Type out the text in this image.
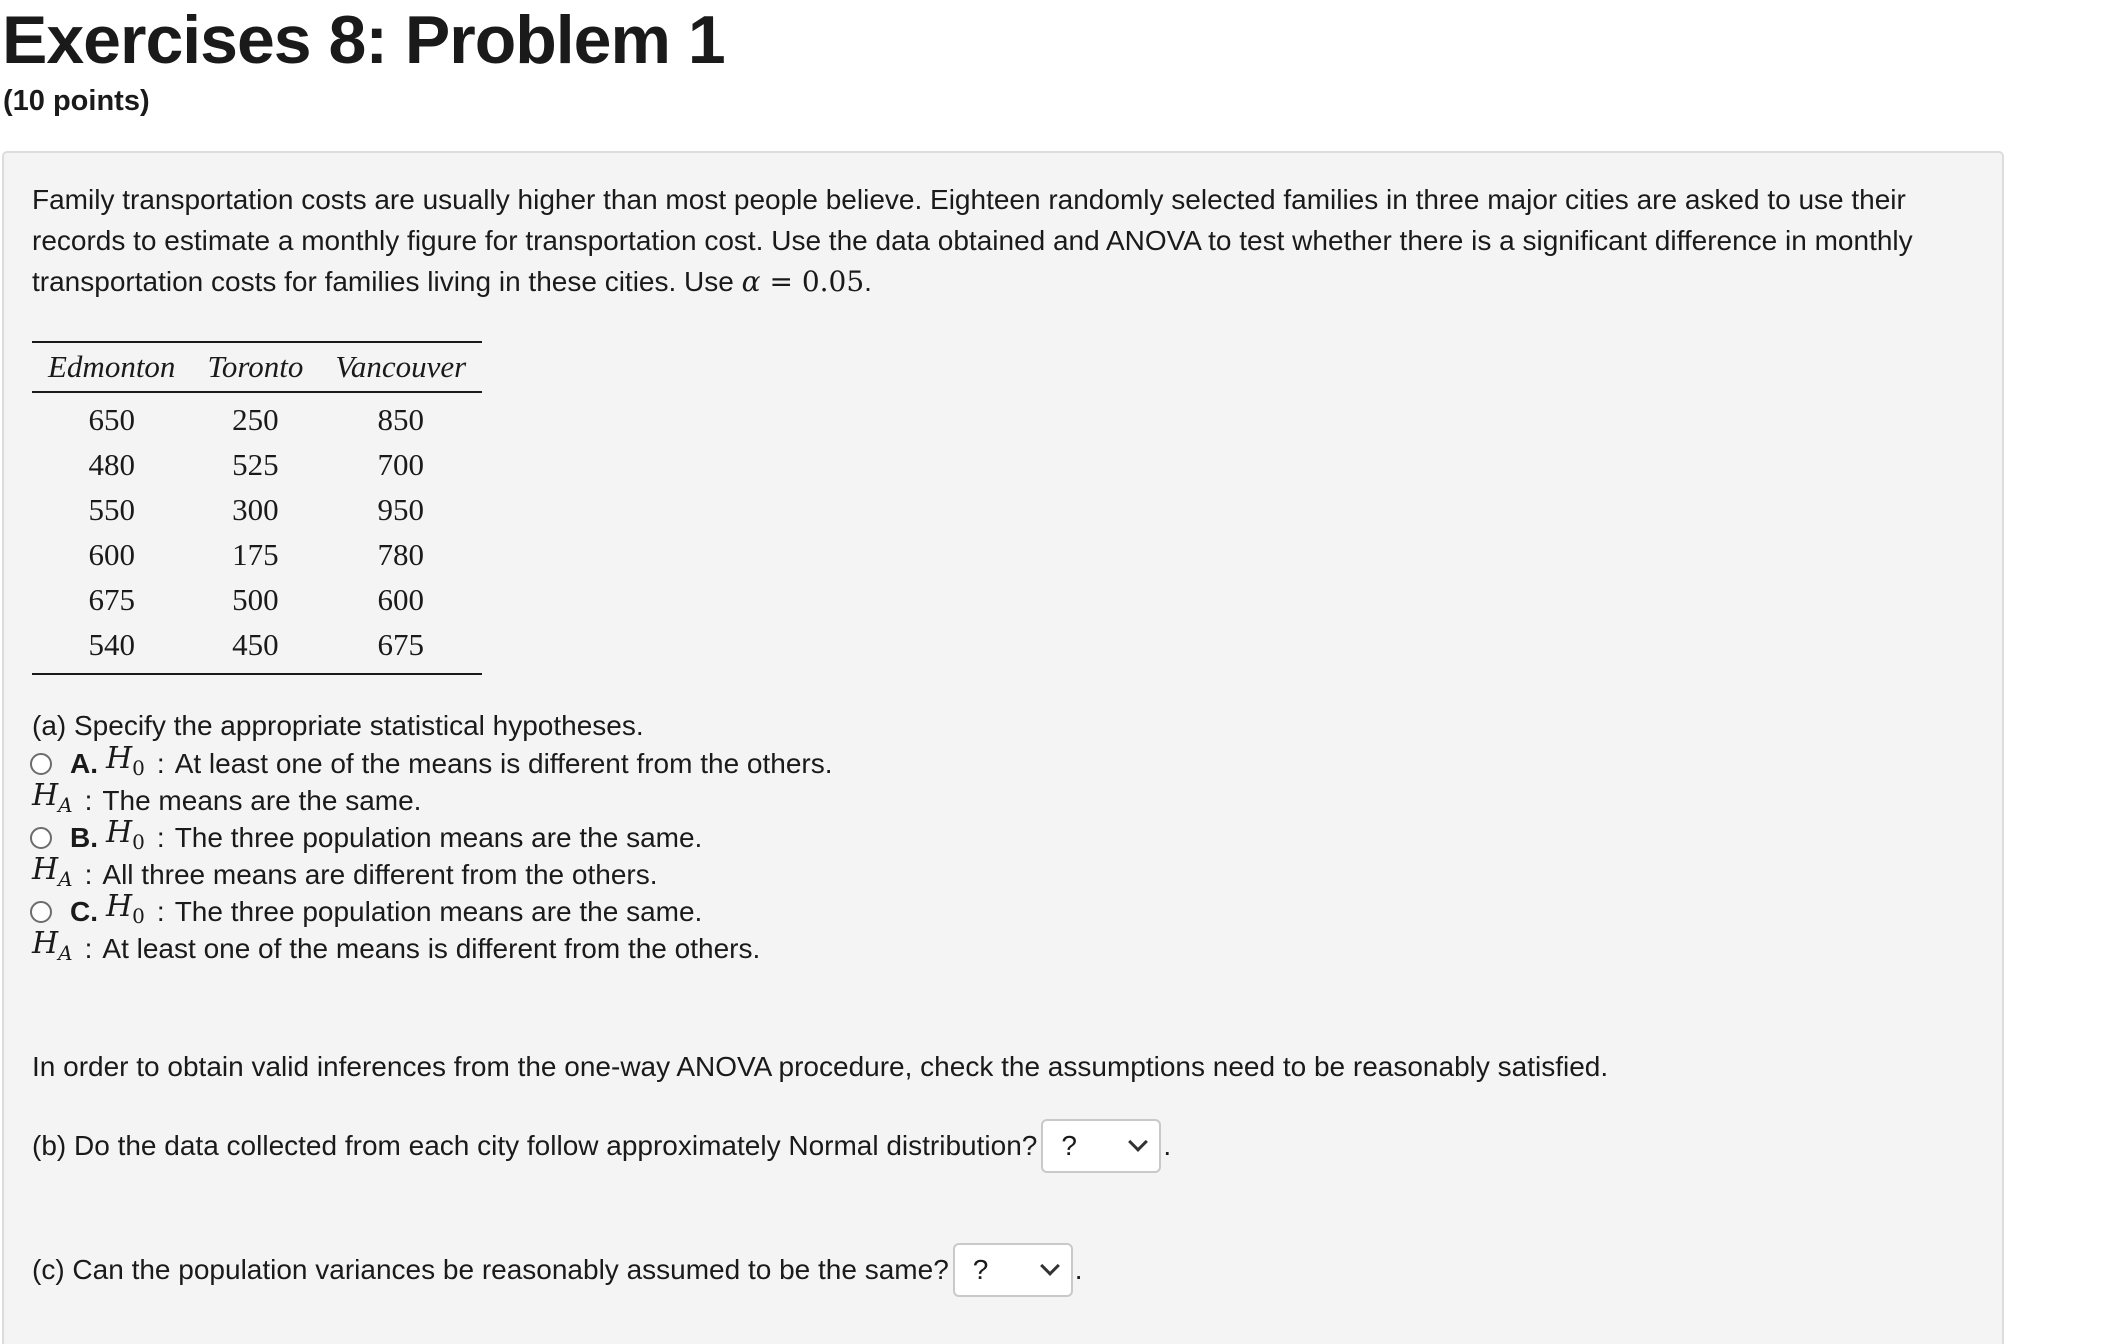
Exercises 8: Problem 1
(10 points)

Family transportation costs are usually higher than most people believe. Eighteen randomly selected families in three major cities are asked to use their records to estimate a monthly figure for transportation cost. Use the data obtained and ANOVA to test whether there is a significant difference in monthly transportation costs for families living in these cities. Use α = 0.05.

Edmonton	Toronto	Vancouver
650	250	850
480	525	700
550	300	950
600	175	780
675	500	600
540	450	675
(a) Specify the appropriate statistical hypotheses.
A. $H_0$ : At least one of the means is different from the others.
$H_A$ : The means are the same.
B. $H_0$ : The three population means are the same.
$H_A$ : All three means are different from the others.
C. $H_0$ : The three population means are the same.
$H_A$ : At least one of the means is different from the others.
In order to obtain valid inferences from the one-way ANOVA procedure, check the assumptions need to be reasonably satisfied.
(b) Do the data collected from each city follow approximately Normal distribution? ?	.
(c) Can the population variances be reasonably assumed to be the same? ?	.
